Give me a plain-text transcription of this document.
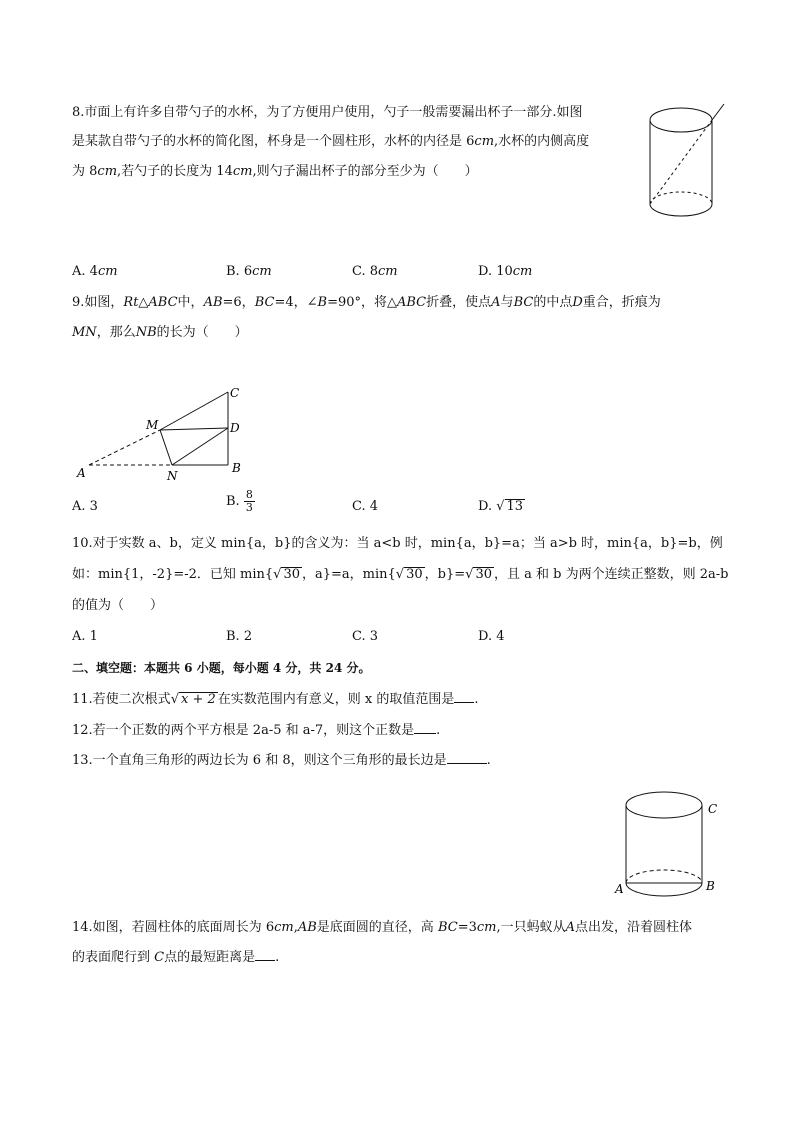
8.市面上有许多自带勺子的水杯，为了方便用户使用，勺子一般需要漏出杯子一部分.如图
是某款自带勺子的水杯的简化图，杯身是一个圆柱形，水杯的内径是 6cm,水杯的内侧高度
为 8cm,若勺子的长度为 14cm,则勺子漏出杯子的部分至少为（　　）
A. 4cm	B. 6cm	C. 8cm	D. 10cm
9.如图，Rt△ABC中，AB=6，BC=4，∠B=90°，将△ABC折叠，使点A与BC的中点D重合，折痕为
MN，那么NB的长为（　　）
A	B
C
D
M
N
A. 3	B. $\frac{8}{3}$	C. 4	D. √ 13
10.对于实数 a、b，定义 min{a，b}的含义为：当 a<b 时，min{a，b}=a；当 a>b 时，min{a，b}=b，例
如：min{1，-2}=-2．已知 min{√ 30 ，a}=a，min{√ 30 ，b}=√ 30 ，且 a 和 b 为两个连续正整数，则 2a-b
的值为（　　）
A. 1	B. 2	C. 3	D. 4
二、填空题：本题共 6 小题，每小题 4 分，共 24 分。
11.若使二次根式√ x + 2 在实数范围内有意义，则 x 的取值范围是 .
12.若一个正数的两个平方根是 2a-5 和 a-7，则这个正数是 .
13.一个直角三角形的两边长为 6 和 8，则这个三角形的最长边是	.
A	B
C
14.如图，若圆柱体的底面周长为 6cm,AB是底面圆的直径，高 BC=3cm,一只蚂蚁从A点出发，沿着圆柱体
的表面爬行到 C点的最短距离是 .
